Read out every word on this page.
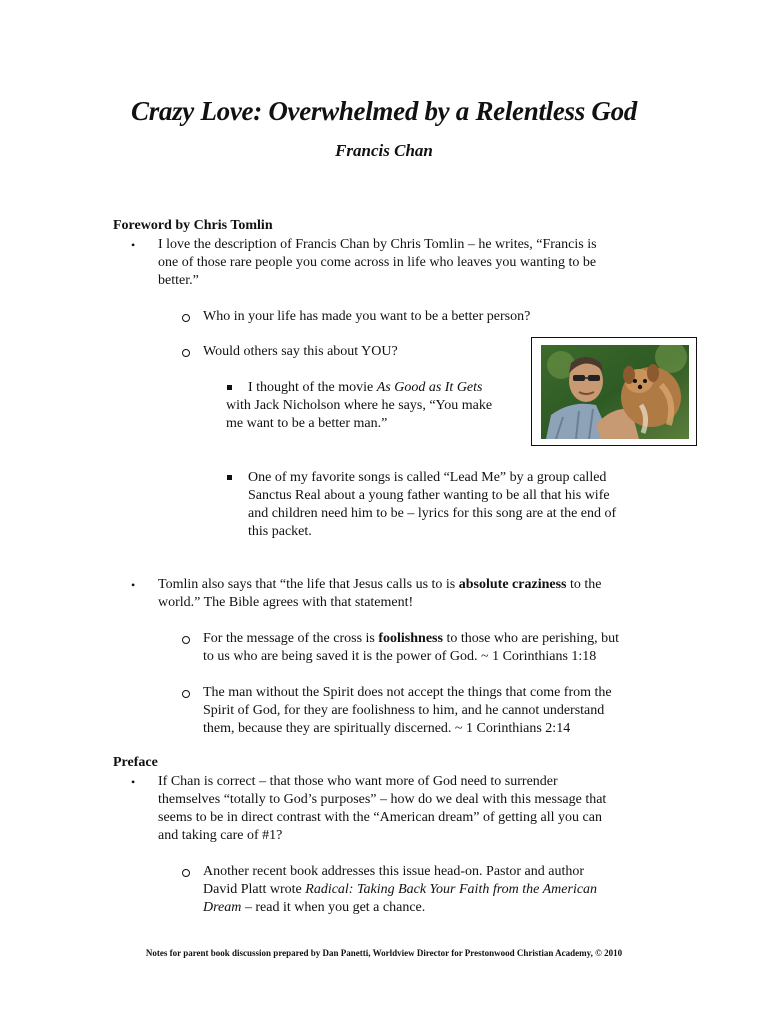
Crazy Love: Overwhelmed by a Relentless God
Francis Chan
Foreword by Chris Tomlin
• I love the description of Francis Chan by Chris Tomlin – he writes, “Francis is
one of those rare people you come across in life who leaves you wanting to be
better.”
Who in your life has made you want to be a better person?
Would others say this about YOU?
I thought of the movie As Good as It Gets
with Jack Nicholson where he says, “You make
me want to be a better man.”
One of my favorite songs is called “Lead Me” by a group called
Sanctus Real about a young father wanting to be all that his wife
and children need him to be – lyrics for this song are at the end of
this packet.
• Tomlin also says that “the life that Jesus calls us to is absolute craziness to the
world.” The Bible agrees with that statement!
For the message of the cross is foolishness to those who are perishing, but
to us who are being saved it is the power of God. ~ 1 Corinthians 1:18
The man without the Spirit does not accept the things that come from the
Spirit of God, for they are foolishness to him, and he cannot understand
them, because they are spiritually discerned. ~ 1 Corinthians 2:14
Preface
• If Chan is correct – that those who want more of God need to surrender
themselves “totally to God’s purposes” – how do we deal with this message that
seems to be in direct contrast with the “American dream” of getting all you can
and taking care of #1?
Another recent book addresses this issue head-on. Pastor and author
David Platt wrote Radical: Taking Back Your Faith from the American
Dream – read it when you get a chance.
Notes for parent book discussion prepared by Dan Panetti, Worldview Director for Prestonwood Christian Academy, © 2010
